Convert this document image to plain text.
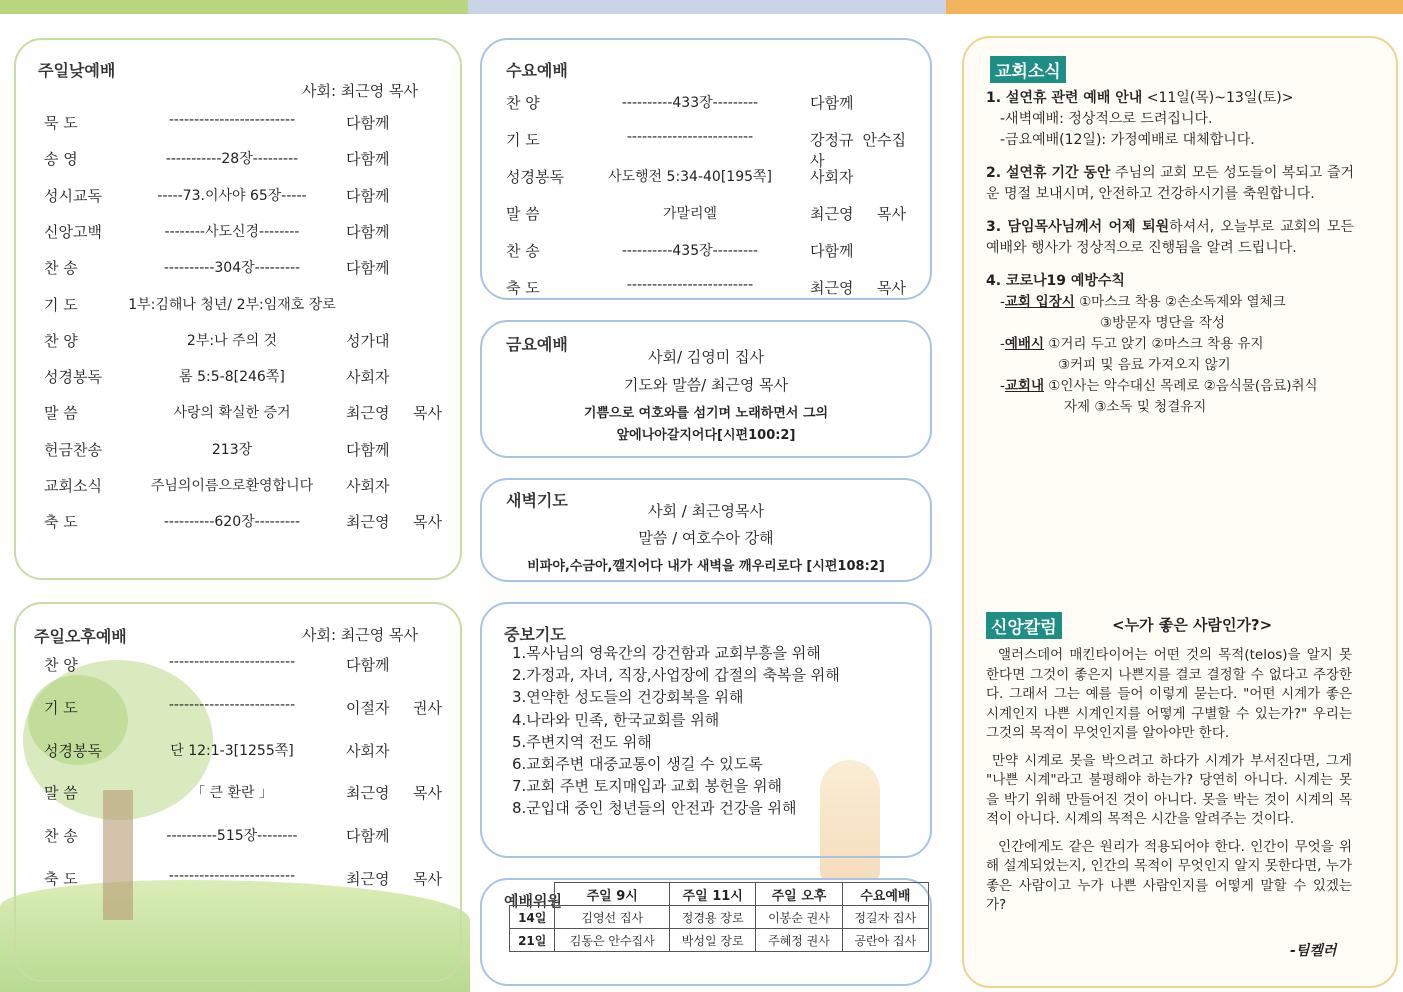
주일낮예배
사회: 최근영 목사
묵 도	-------------------------	다함께
송 영	-----------28장---------	다함께
성시교독	-----73.이사야 65장-----	다함께
신앙고백	--------사도신경--------	다함께
찬 송	----------304장---------	다함께
기 도	1부:김해나 청년/ 2부:임재호 장로
찬 양	2부:나 주의 것	성가대
성경봉독	롬 5:5-8[246쪽]	사회자
말 씀	사랑의 확실한 증거	최근영 목사
헌금찬송	213장	다함께
교회소식	주님의이름으로환영합니다	사회자
축 도	----------620장---------	최근영 목사
주일오후예배	사회: 최근영 목사
찬 양	-------------------------	다함께
기 도	-------------------------	이절자 권사
성경봉독	단 12:1-3[1255쪽]	사회자
말 씀	「 큰 환란 」	최근영 목사
찬 송	----------515장--------	다함께
축 도	-------------------------	최근영 목사
수요예배
찬 양	----------433장---------	다함께
기 도	-------------------------	강정규 안수집사
성경봉독	사도행전 5:34-40[195쪽]	사회자
말 씀	가말리엘	최근영 목사
찬 송	----------435장---------	다함께
축 도	-------------------------	최근영 목사
금요예배
사회/ 김영미 집사
기도와 말씀/ 최근영 목사
기쁨으로 여호와를 섬기며 노래하면서 그의
앞에나아갈지어다[시편100:2]
새벽기도
사회 / 최근영목사
말씀 / 여호수아 강해
비파야,수금아,깰지어다 내가 새벽을 깨우리로다 [시편108:2]
중보기도
1.목사님의 영육간의 강건함과 교회부흥을 위해
2.가정과, 자녀, 직장,사업장에 갑절의 축복을 위해
3.연약한 성도들의 건강회복을 위해
4.나라와 민족, 한국교회를 위해
5.주변지역 전도 위해
6.교회주변 대중교통이 생길 수 있도록
7.교회 주변 토지매입과 교회 봉헌을 위해
8.군입대 중인 청년들의 안전과 건강을 위해
예배위원
	주일 9시	주일 11시	주일 오후	수요예배
14일	김영선 집사	정경용 장로	이봉순 권사	정길자 집사
21일	김동은 안수집사	박성일 장로	주혜정 권사	공란아 집사
교회소식

1. 설연휴 관련 예배 안내 <11일(목)~13일(토)>

-새벽예배: 정상적으로 드려집니다.

-금요예배(12일): 가정예배로 대체합니다.

2. 설연휴 기간 동안 주님의 교회 모든 성도들이 복되고 즐거운 명절 보내시며, 안전하고 건강하시기를 축원합니다.

3. 담임목사님께서 어제 퇴원하셔서, 오늘부로 교회의 모든 예배와 행사가 정상적으로 진행됨을 알려 드립니다.

4. 코로나19 예방수칙

-교회 입장시 ①마스크 착용 ②손소독제와 열체크

③방문자 명단을 작성

-예배시 ①거리 두고 앉기 ②마스크 착용 유지

③커피 및 음료 가져오지 않기

-교회내 ①인사는 악수대신 목례로 ②음식물(음료)취식

자제 ③소독 및 청결유지

신앙칼럼	<누가 좋은 사람인가?>

앨러스데어 매킨타이어는 어떤 것의 목적(telos)을 알지 못한다면 그것이 좋은지 나쁜지를 결코 결정할 수 없다고 주장한다. 그래서 그는 예를 들어 이렇게 묻는다. "어떤 시계가 좋은 시계인지 나쁜 시계인지를 어떻게 구별할 수 있는가?" 우리는 그것의 목적이 무엇인지를 알아야만 한다.

만약 시계로 못을 박으려고 하다가 시계가 부서진다면, 그게 "나쁜 시계"라고 불평해야 하는가? 당연히 아니다. 시계는 못을 박기 위해 만들어진 것이 아니다. 못을 박는 것이 시계의 목적이 아니다. 시계의 목적은 시간을 알려주는 것이다.

인간에게도 같은 원리가 적용되어야 한다. 인간이 무엇을 위해 설계되었는지, 인간의 목적이 무엇인지 알지 못한다면, 누가 좋은 사람이고 누가 나쁜 사람인지를 어떻게 말할 수 있겠는가?

-팀켈러
